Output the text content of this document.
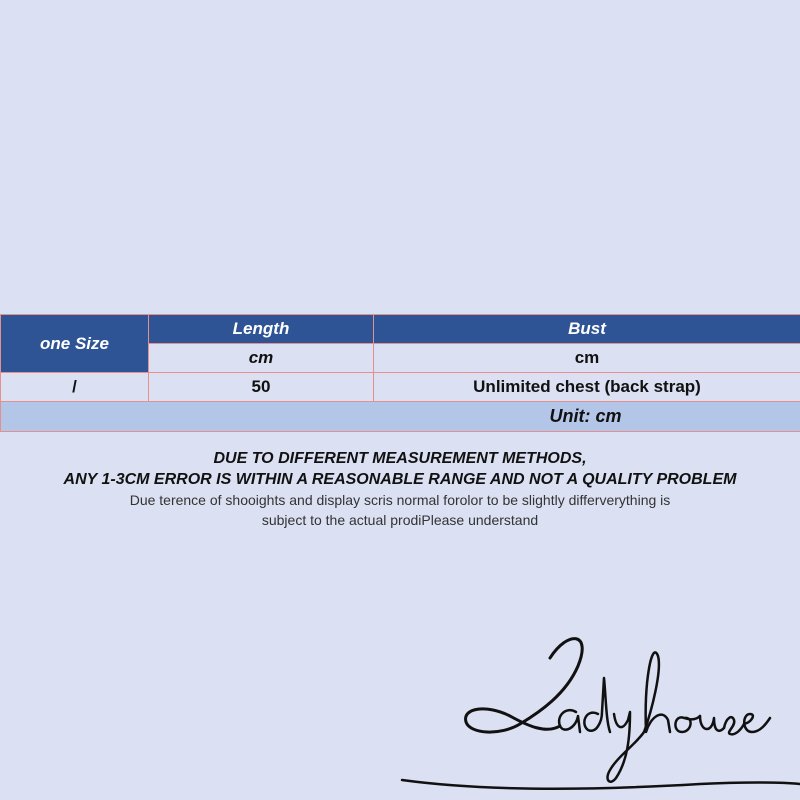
one Size	Length	Bust
	cm	cm
/	50	Unlimited chest (back strap)
Unit: cm		
DUE TO DIFFERENT MEASUREMENT METHODS,
ANY 1-3CM ERROR IS WITHIN A REASONABLE RANGE AND NOT A QUALITY PROBLEM
Due terence of shooights and display scris normal forolor to be slightly differverything is
subject to the actual prodiPlease understand
